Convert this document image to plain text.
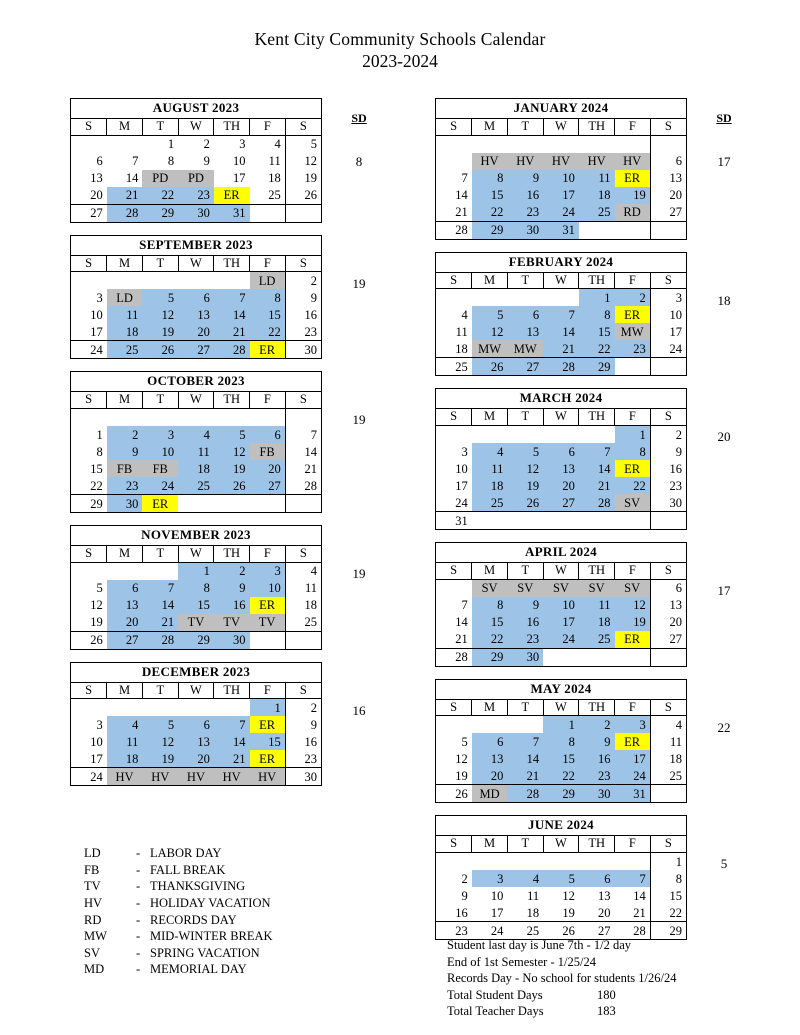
Kent City Community Schools Calendar
2023-2024
AUGUST 2023
S	M	T	W	TH	F	S
		1	2	3	4	5
6	7	8	9	10	11	12
13	14	PD	PD	17	18	19
20	21	22	23	ER	25	26
27	28	29	30	31		
SD
8
SEPTEMBER 2023
S	M	T	W	TH	F	S
					LD	2
3	LD	5	6	7	8	9
10	11	12	13	14	15	16
17	18	19	20	21	22	23
24	25	26	27	28	ER	30
19
OCTOBER 2023
S	M	T	W	TH	F	S

1	2	3	4	5	6	7
8	9	10	11	12	FB	14
15	FB	FB	18	19	20	21
22	23	24	25	26	27	28
29	30	ER				
19
NOVEMBER 2023
S	M	T	W	TH	F	S
			1	2	3	4
5	6	7	8	9	10	11
12	13	14	15	16	ER	18
19	20	21	TV	TV	TV	25
26	27	28	29	30		
19
DECEMBER 2023
S	M	T	W	TH	F	S
					1	2
3	4	5	6	7	ER	9
10	11	12	13	14	15	16
17	18	19	20	21	ER	23
24	HV	HV	HV	HV	HV	30
16
JANUARY 2024
S	M	T	W	TH	F	S

	HV	HV	HV	HV	HV	6
7	8	9	10	11	ER	13
14	15	16	17	18	19	20
21	22	23	24	25	RD	27
28	29	30	31			
SD
17
FEBRUARY 2024
S	M	T	W	TH	F	S
				1	2	3
4	5	6	7	8	ER	10
11	12	13	14	15	MW	17
18	MW	MW	21	22	23	24
25	26	27	28	29		
18
MARCH 2024
S	M	T	W	TH	F	S
					1	2
3	4	5	6	7	8	9
10	11	12	13	14	ER	16
17	18	19	20	21	22	23
24	25	26	27	28	SV	30
31						
20
APRIL 2024
S	M	T	W	TH	F	S
	SV	SV	SV	SV	SV	6
7	8	9	10	11	12	13
14	15	16	17	18	19	20
21	22	23	24	25	ER	27
28	29	30				
17
MAY 2024
S	M	T	W	TH	F	S
			1	2	3	4
5	6	7	8	9	ER	11
12	13	14	15	16	17	18
19	20	21	22	23	24	25
26	MD	28	29	30	31	
22
JUNE 2024
S	M	T	W	TH	F	S
						1
2	3	4	5	6	7	8
9	10	11	12	13	14	15
16	17	18	19	20	21	22
23	24	25	26	27	28	29
5
LD	- LABOR DAY
FB	- FALL BREAK
TV	- THANKSGIVING
HV	- HOLIDAY VACATION
RD	- RECORDS DAY
MW	- MID-WINTER BREAK
SV	- SPRING VACATION
MD	- MEMORIAL DAY
Student last day is June 7th - 1/2 day
End of 1st Semester - 1/25/24
Records Day - No school for students 1/26/24
Total Student Days	180
Total Teacher Days	183
